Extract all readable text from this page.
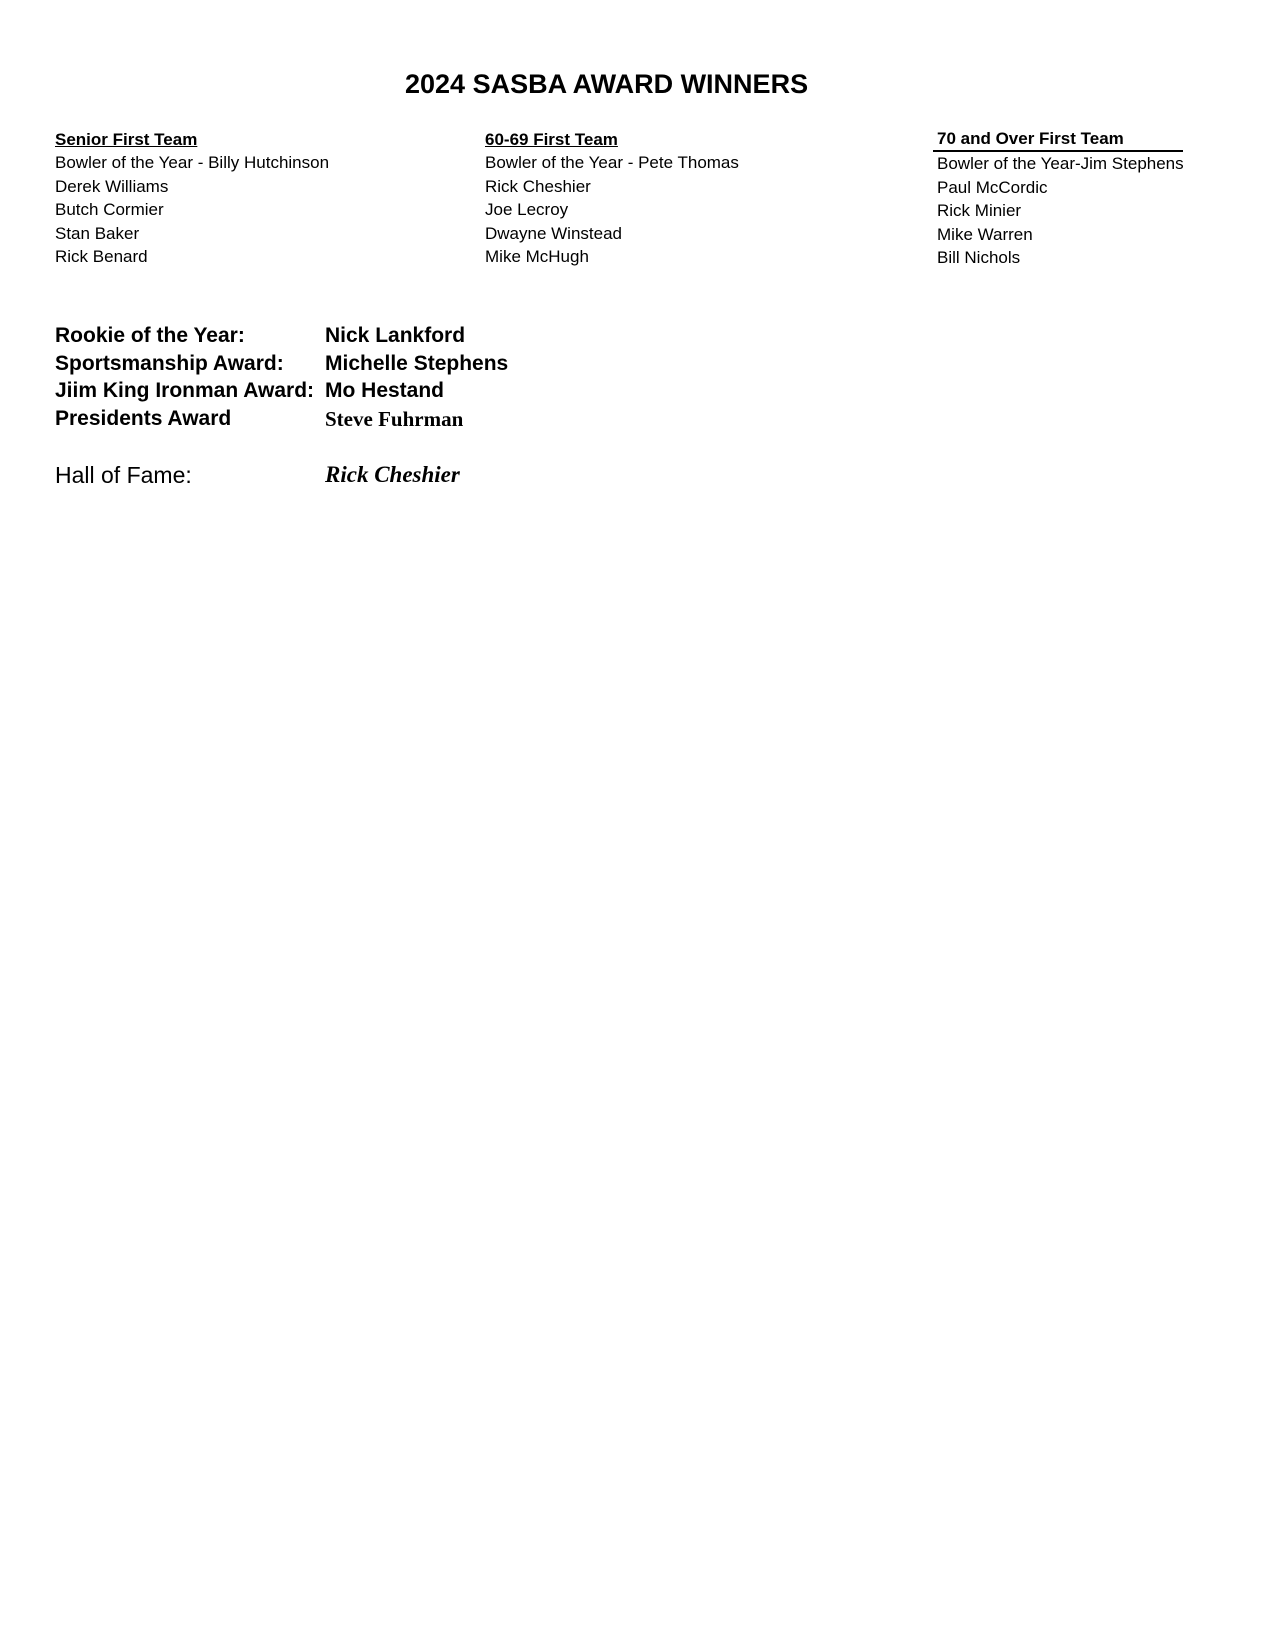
2024 SASBA AWARD WINNERS
Senior First Team
Bowler of the Year - Billy Hutchinson
Derek Williams
Butch Cormier
Stan Baker
Rick Benard
60-69 First Team
Bowler of the Year - Pete Thomas
Rick Cheshier
Joe Lecroy
Dwayne Winstead
Mike McHugh
70 and Over First Team
Bowler of the Year-Jim Stephens
Paul McCordic
Rick Minier
Mike Warren
Bill Nichols
Rookie of the Year:	Nick Lankford
Sportsmanship Award: Michelle Stephens
Jiim King Ironman Award: Mo Hestand
Presidents Award	Steve Fuhrman
Hall of Fame:	Rick Cheshier
